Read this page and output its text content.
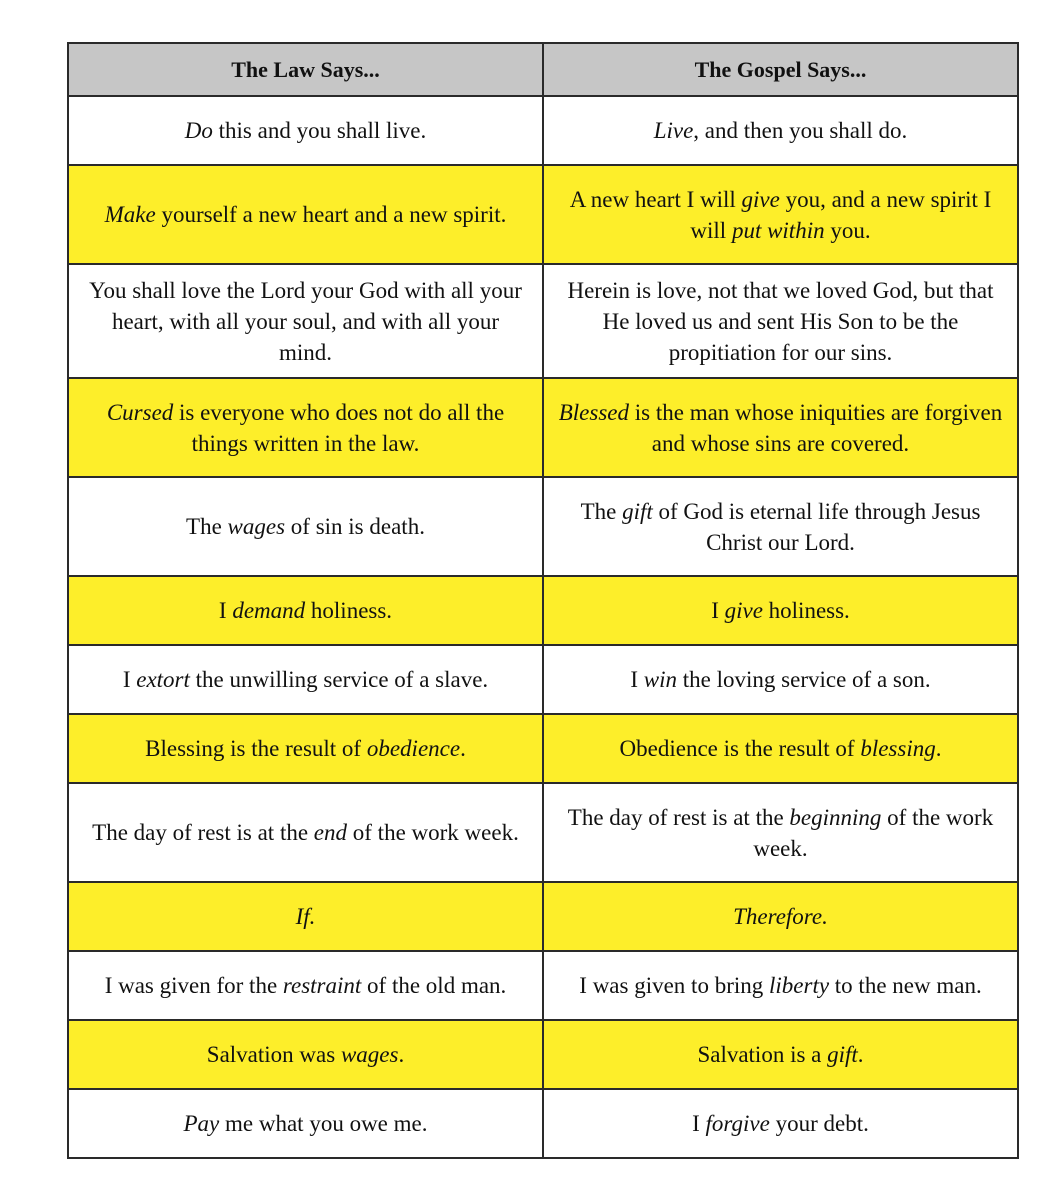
The Law Says...	The Gospel Says...
Do this and you shall live.	Live, and then you shall do.
Make yourself a new heart and a new spirit.	A new heart I will give you, and a new spirit I will put within you.
You shall love the Lord your God with all your heart, with all your soul, and with all your mind.	Herein is love, not that we loved God, but that He loved us and sent His Son to be the propitiation for our sins.
Cursed is everyone who does not do all the things written in the law.	Blessed is the man whose iniquities are forgiven and whose sins are covered.
The wages of sin is death.	The gift of God is eternal life through Jesus Christ our Lord.
I demand holiness.	I give holiness.
I extort the unwilling service of a slave.	I win the loving service of a son.
Blessing is the result of obedience.	Obedience is the result of blessing.
The day of rest is at the end of the work week.	The day of rest is at the beginning of the work week.
If.	Therefore.
I was given for the restraint of the old man.	I was given to bring liberty to the new man.
Salvation was wages.	Salvation is a gift.
Pay me what you owe me.	I forgive your debt.
